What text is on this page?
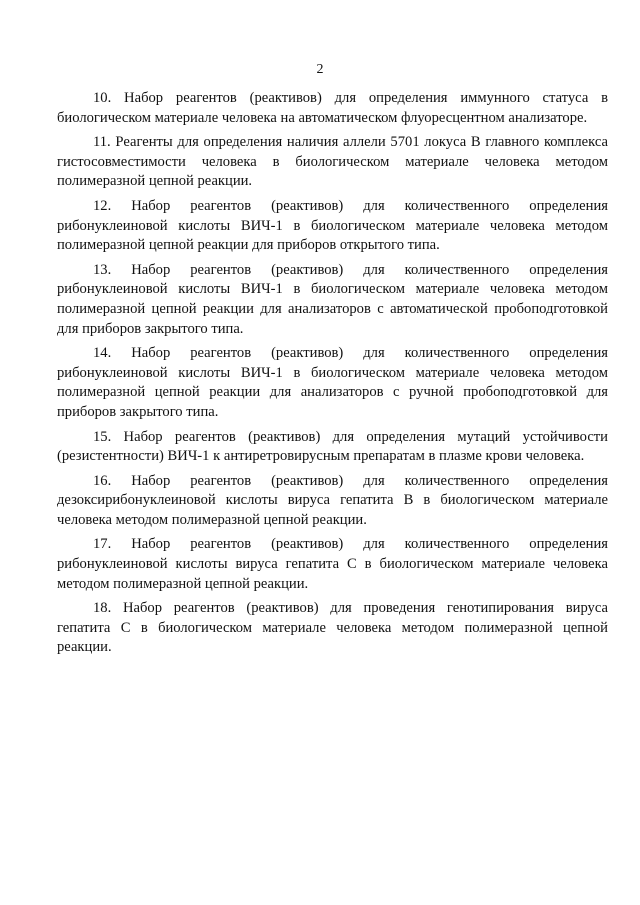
2

10. Набор реагентов (реактивов) для определения иммунного статуса в биологическом материале человека на автоматическом флуоресцентном анализаторе.

11. Реагенты для определения наличия аллели 5701 локуса В главного комплекса гистосовместимости человека в биологическом материале человека методом полимеразной цепной реакции.

12. Набор реагентов (реактивов) для количественного определения рибонуклеиновой кислоты ВИЧ-1 в биологическом материале человека методом полимеразной цепной реакции для приборов открытого типа.

13. Набор реагентов (реактивов) для количественного определения рибонуклеиновой кислоты ВИЧ-1 в биологическом материале человека методом полимеразной цепной реакции для анализаторов с автоматической пробоподготовкой для приборов закрытого типа.

14. Набор реагентов (реактивов) для количественного определения рибонуклеиновой кислоты ВИЧ-1 в биологическом материале человека методом полимеразной цепной реакции для анализаторов с ручной пробоподготовкой для приборов закрытого типа.

15. Набор реагентов (реактивов) для определения мутаций устойчивости (резистентности) ВИЧ-1 к антиретровирусным препаратам в плазме крови человека.

16. Набор реагентов (реактивов) для количественного определения дезоксирибонуклеиновой кислоты вируса гепатита В в биологическом материале человека методом полимеразной цепной реакции.

17. Набор реагентов (реактивов) для количественного определения рибонуклеиновой кислоты вируса гепатита С в биологическом материале человека методом полимеразной цепной реакции.

18. Набор реагентов (реактивов) для проведения генотипирования вируса гепатита С в биологическом материале человека методом полимеразной цепной реакции.
